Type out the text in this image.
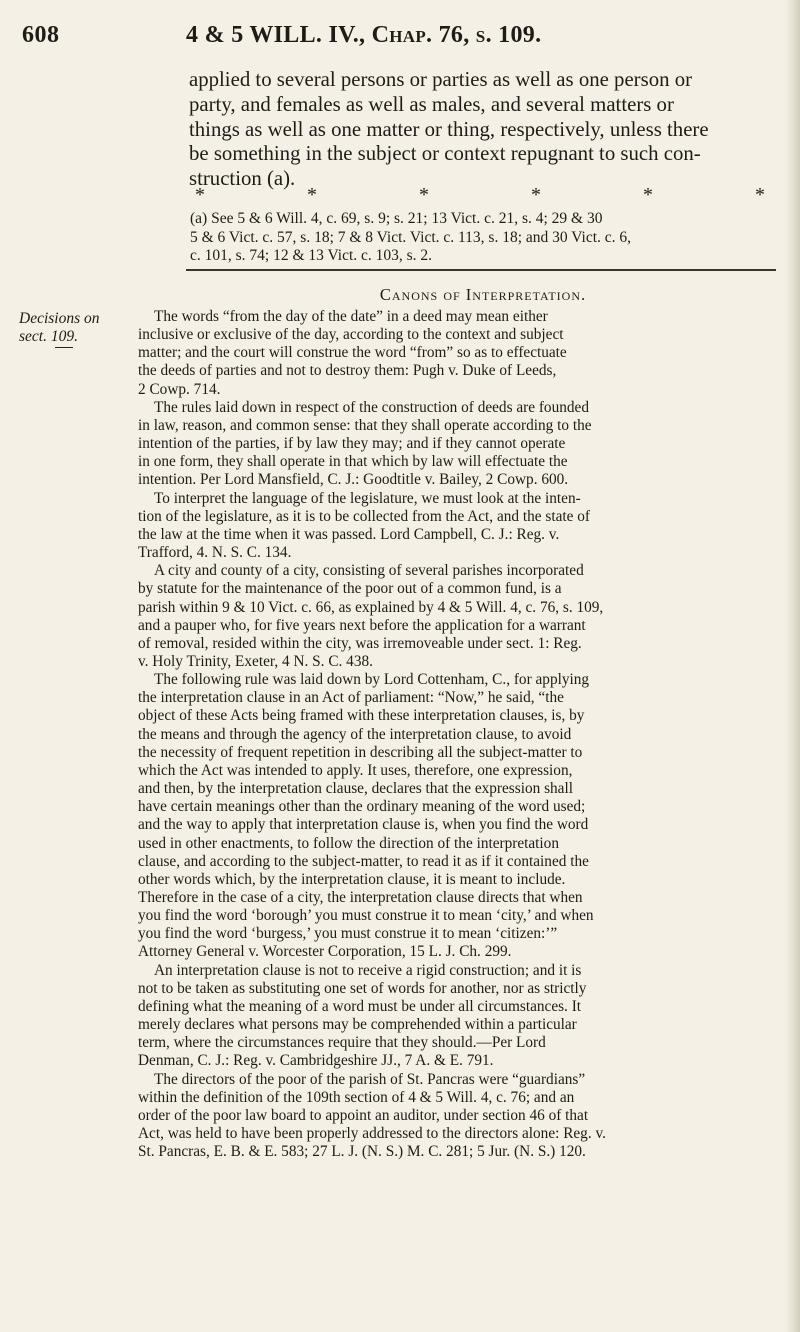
608	4 & 5 WILL. IV., Chap. 76, s. 109.
applied to several persons or parties as well as one person or
party, and females as well as males, and several matters or
things as well as one matter or thing, respectively, unless there
be something in the subject or context repugnant to such con-
struction (a).
*	*	*	*	*	*
(a) See 5 & 6 Will. 4, c. 69, s. 9; s. 21; 13 Vict. c. 21, s. 4; 29 & 30
5 & 6 Vict. c. 57, s. 18; 7 & 8 Vict. Vict. c. 113, s. 18; and 30 Vict. c. 6,
c. 101, s. 74; 12 & 13 Vict. c. 103, s. 2.
Canons of Interpretation.
Decisions on
sect. 109.
The words “from the day of the date” in a deed may mean either
inclusive or exclusive of the day, according to the context and subject
matter; and the court will construe the word “from” so as to effectuate
the deeds of parties and not to destroy them: Pugh v. Duke of Leeds,
2 Cowp. 714.
The rules laid down in respect of the construction of deeds are founded
in law, reason, and common sense: that they shall operate according to the
intention of the parties, if by law they may; and if they cannot operate
in one form, they shall operate in that which by law will effectuate the
intention. Per Lord Mansfield, C. J.: Goodtitle v. Bailey, 2 Cowp. 600.
To interpret the language of the legislature, we must look at the inten-
tion of the legislature, as it is to be collected from the Act, and the state of
the law at the time when it was passed. Lord Campbell, C. J.: Reg. v.
Trafford, 4. N. S. C. 134.
A city and county of a city, consisting of several parishes incorporated
by statute for the maintenance of the poor out of a common fund, is a
parish within 9 & 10 Vict. c. 66, as explained by 4 & 5 Will. 4, c. 76, s. 109,
and a pauper who, for five years next before the application for a warrant
of removal, resided within the city, was irremoveable under sect. 1: Reg.
v. Holy Trinity, Exeter, 4 N. S. C. 438.
The following rule was laid down by Lord Cottenham, C., for applying
the interpretation clause in an Act of parliament: “Now,” he said, “the
object of these Acts being framed with these interpretation clauses, is, by
the means and through the agency of the interpretation clause, to avoid
the necessity of frequent repetition in describing all the subject-matter to
which the Act was intended to apply. It uses, therefore, one expression,
and then, by the interpretation clause, declares that the expression shall
have certain meanings other than the ordinary meaning of the word used;
and the way to apply that interpretation clause is, when you find the word
used in other enactments, to follow the direction of the interpretation
clause, and according to the subject-matter, to read it as if it contained the
other words which, by the interpretation clause, it is meant to include.
Therefore in the case of a city, the interpretation clause directs that when
you find the word ‘borough’ you must construe it to mean ‘city,’ and when
you find the word ‘burgess,’ you must construe it to mean ‘citizen:’”
Attorney General v. Worcester Corporation, 15 L. J. Ch. 299.
An interpretation clause is not to receive a rigid construction; and it is
not to be taken as substituting one set of words for another, nor as strictly
defining what the meaning of a word must be under all circumstances. It
merely declares what persons may be comprehended within a particular
term, where the circumstances require that they should.—Per Lord
Denman, C. J.: Reg. v. Cambridgeshire JJ., 7 A. & E. 791.
The directors of the poor of the parish of St. Pancras were “guardians”
within the definition of the 109th section of 4 & 5 Will. 4, c. 76; and an
order of the poor law board to appoint an auditor, under section 46 of that
Act, was held to have been properly addressed to the directors alone: Reg. v.
St. Pancras, E. B. & E. 583; 27 L. J. (N. S.) M. C. 281; 5 Jur. (N. S.) 120.
